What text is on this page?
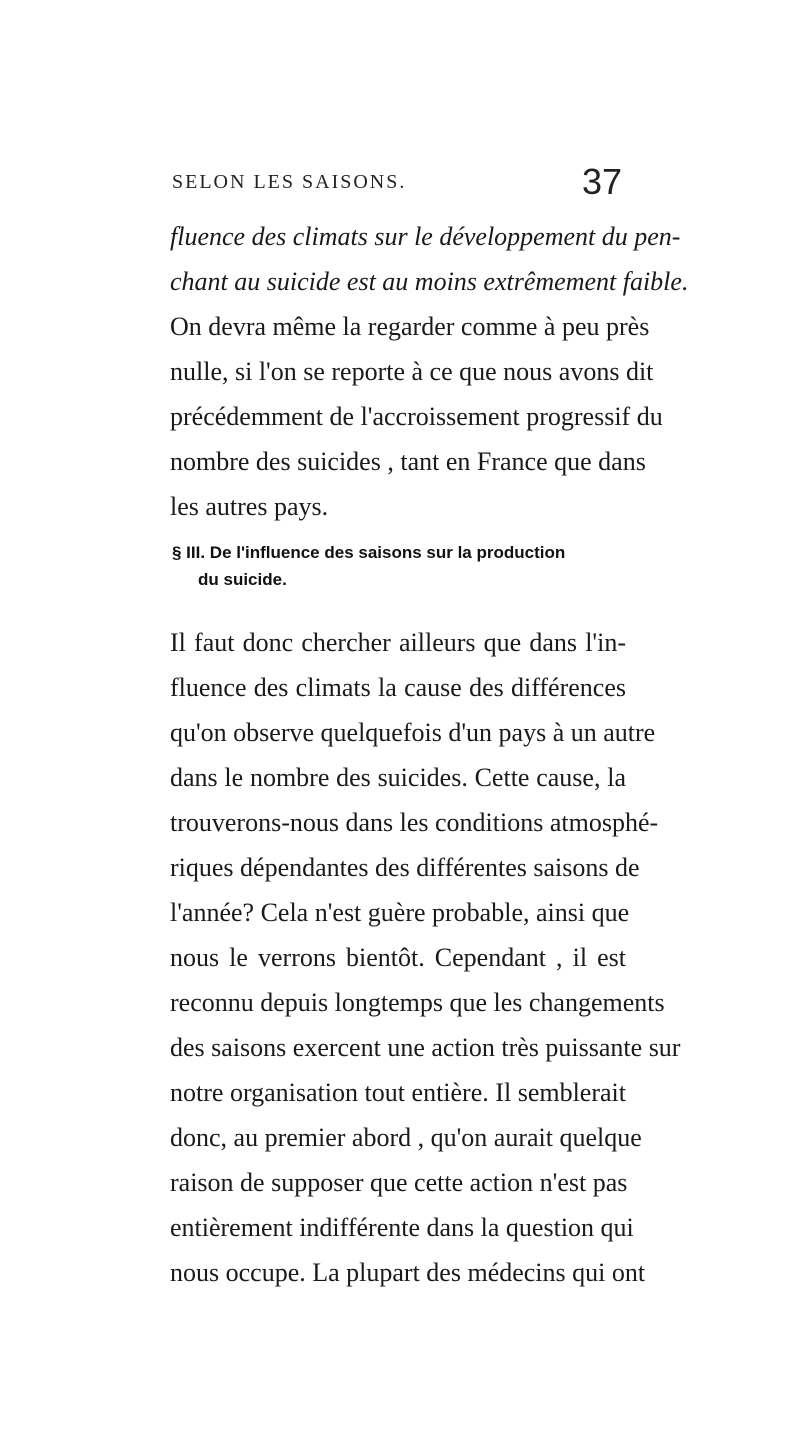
SELON LES SAISONS.	37
fluence des climats sur le développement du pen-
chant au suicide est au moins extrêmement faible.
On devra même la regarder comme à peu près
nulle, si l'on se reporte à ce que nous avons dit
précédemment de l'accroissement progressif du
nombre des suicides , tant en France que dans
les autres pays.
§ III. De l'influence des saisons sur la production
du suicide.
Il faut donc chercher ailleurs que dans l'in-
fluence des climats la cause des différences
qu'on observe quelquefois d'un pays à un autre
dans le nombre des suicides. Cette cause, la
trouverons-nous dans les conditions atmosphé-
riques dépendantes des différentes saisons de
l'année? Cela n'est guère probable, ainsi que
nous le verrons bientôt. Cependant , il est
reconnu depuis longtemps que les changements
des saisons exercent une action très puissante sur
notre organisation tout entière. Il semblerait
donc, au premier abord , qu'on aurait quelque
raison de supposer que cette action n'est pas
entièrement indifférente dans la question qui
nous occupe. La plupart des médecins qui ont
